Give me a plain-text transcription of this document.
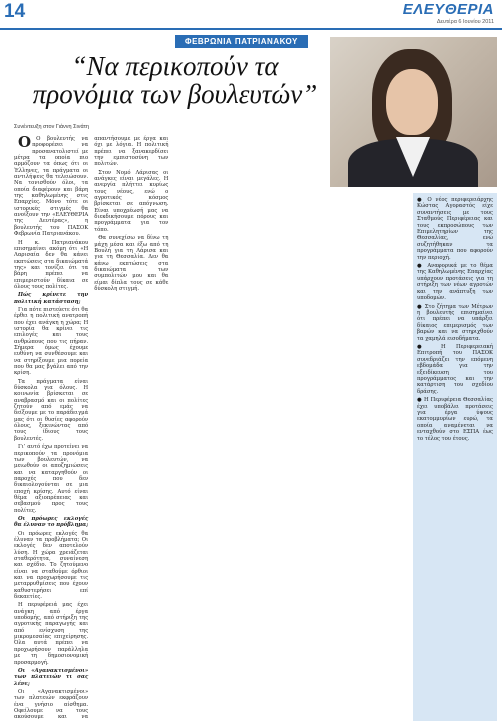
14	ΕΛΕΥΘΕΡΙΑ
Δευτέρα 6 Ιουνίου 2011
ΦΕΒΡΩΝΙΑ ΠΑΤΡΙΑΝΑΚΟΥ
“Να περικοπούν τα προνόμια των βουλευτών”
Συνέντευξη στον Γιάννη Σινάτη

Ο Ο βουλευτής να προφορέσει να προσανατολιστεί με μέτρα τα οποία πιο αρμόζουν τα όπως ότι οι Έλληνες, τα πράγματα οι αντιλήψεις θα τελειώσουν. Να τονισθούν όλοι, τα οποία διαφέρουν και βάρη της καθηλωμένης στις Επαρχίες. Μόνο τότε οι ιστορικές στιγμές θα ανοίξουν την «ΕΛΕΥΘΕΡΙΑ της Δευτέρας», η βουλευτής του ΠΑΣΟΚ Φεβρωνία Πατριανάκου.

Η κ. Πατριανάκου επισημαίνει ακόμη ότι «Η Λαρισαία δεν θα κάνει εκπτώσεις στα δικαιώματά της» και τονίζει ότι τα βάρη πρέπει να επιμεριστούν δίκαια σε όλους τους πολίτες.

Πώς κρίνετε την πολιτική κατάσταση;

Για πότε πιστεύετε ότι θα έρθει η πολιτική ανατροπή που έχει ανάγκη η χώρα; Η ιστορία θα κρίνει τις επιλογές και τους ανθρώπους που τις πήραν. Σήμερα όμως έχουμε ευθύνη να συνθέσουμε και να στηρίξουμε μια πορεία που θα μας βγάλει από την κρίση.

Τα πράγματα είναι δύσκολα για όλους. Η κοινωνία βρίσκεται σε αναβρασμό και οι πολίτες ζητούν από εμάς να δείξουμε με το παράδειγμά μας ότι οι θυσίες αφορούν όλους, ξεκινώντας από τους ίδιους τους βουλευτές.

Γι’ αυτό έχω προτείνει να περικοπούν τα προνόμια των βουλευτών, να μειωθούν οι αποζημιώσεις και να καταργηθούν οι παροχές που δεν δικαιολογούνται σε μια εποχή κρίσης. Αυτό είναι θέμα αξιοπρέπειας και σεβασμού προς τους πολίτες.

Οι πρόωρες εκλογές θα έλυναν το πρόβλημα;

Οι πρόωρες εκλογές θα έλυναν τα προβλήματα; Οι εκλογές δεν αποτελούν λύση. Η χώρα χρειάζεται σταθερότητα, συναίνεση και σχέδιο. Το ζητούμενο είναι να σταθούμε όρθιοι και να προχωρήσουμε τις μεταρρυθμίσεις που έχουν καθυστερήσει επί δεκαετίες.

Η περιφέρειά μας έχει ανάγκη από έργα υποδομής, από στήριξη της αγροτικής παραγωγής και από ενίσχυση της μικρομεσαίας επιχείρησης. Όλα αυτά πρέπει να προχωρήσουν παράλληλα με τη δημοσιονομική προσαρμογή.

Οι «Αγανακτισμένοι» των πλατειών τι σας λένε;

Οι «Αγανακτισμένοι» των πλατειών εκφράζουν ένα γνήσιο αίσθημα. Οφείλουμε να τους ακούσουμε και να απαντήσουμε με έργα και όχι με λόγια. Η πολιτική πρέπει να ξανακερδίσει την εμπιστοσύνη των πολιτών.

Στον Νομό Λάρισας οι ανάγκες είναι μεγάλες. Η ανεργία πλήττει κυρίως τους νέους, ενώ ο αγροτικός κόσμος βρίσκεται σε απόγνωση. Είναι υποχρέωσή μας να διεκδικήσουμε πόρους και προγράμματα για τον τόπο.

Θα συνεχίσω να δίνω τη μάχη μέσα και έξω από τη Βουλή για τη Λάρισα και για τη Θεσσαλία. Δεν θα κάνω εκπτώσεις στα δικαιώματα των συμπολιτών μου και θα είμαι δίπλα τους σε κάθε δύσκολη στιγμή.

● Ο νέος περιφερειάρχης Κώστας Αγοραστός είχε συναντήσεις με τους Σταθμούς Περιφέρειας και τους εκπροσώπους των Επιμελητηρίων της Θεσσαλίας, ενώ συζητήθηκαν τα προγράμματα που αφορούν την περιοχή.

● Αναφορικά με το θέμα της Καθηλωμένης Επαρχίας υπάρχουν προτάσεις για τη στήριξη των νέων αγροτών και την ανάπτυξη των υποδομών.

● Στο ζήτημα των Μέτρων η βουλευτής επισημαίνει ότι πρέπει να υπάρξει δίκαιος επιμερισμός των βαρών και να στηριχθούν τα χαμηλά εισοδήματα.

● Η Περιφερειακή Επιτροπή του ΠΑΣΟΚ συνεδριάζει την επόμενη εβδομάδα για την εξειδίκευση του προγράμματος και την κατάρτιση του σχεδίου δράσης.

● Η Περιφέρεια Θεσσαλίας έχει υποβάλει προτάσεις για έργα ύψους εκατομμυρίων ευρώ, τα οποία αναμένεται να ενταχθούν στο ΕΣΠΑ έως το τέλος του έτους.
